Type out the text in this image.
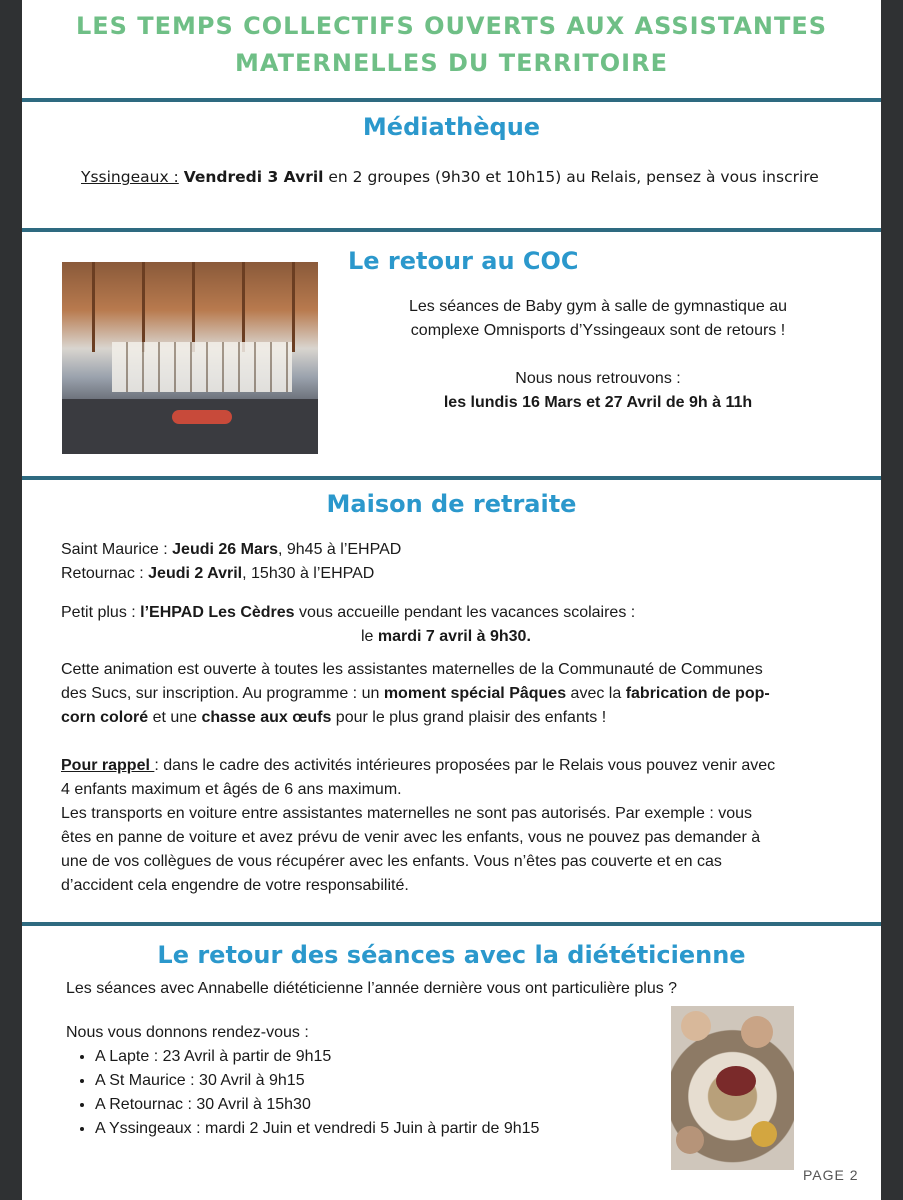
LES TEMPS COLLECTIFS OUVERTS AUX ASSISTANTES
MATERNELLES DU TERRITOIRE
Médiathèque
Yssingeaux : Vendredi 3 Avril en 2 groupes (9h30 et 10h15) au Relais, pensez à vous inscrire
Le retour au COC
Les séances de Baby gym à salle de gymnastique au
complexe Omnisports d’Yssingeaux sont de retours !
Nous nous retrouvons :
les lundis 16 Mars et 27 Avril de 9h à 11h
Maison de retraite
Saint Maurice : Jeudi 26 Mars, 9h45 à l’EHPAD
Retournac : Jeudi 2 Avril, 15h30 à l’EHPAD
Petit plus : l’EHPAD Les Cèdres vous accueille pendant les vacances scolaires :
le mardi 7 avril à 9h30.
Cette animation est ouverte à toutes les assistantes maternelles de la Communauté de Communes
des Sucs, sur inscription. Au programme : un moment spécial Pâques avec la fabrication de pop-
corn coloré et une chasse aux œufs pour le plus grand plaisir des enfants !
Pour rappel : dans le cadre des activités intérieures proposées par le Relais vous pouvez venir avec
4 enfants maximum et âgés de 6 ans maximum.
Les transports en voiture entre assistantes maternelles ne sont pas autorisés. Par exemple : vous
êtes en panne de voiture et avez prévu de venir avec les enfants, vous ne pouvez pas demander à
une de vos collègues de vous récupérer avec les enfants. Vous n’êtes pas couverte et en cas
d’accident cela engendre de votre responsabilité.
Le retour des séances avec la diététicienne
Les séances avec Annabelle diététicienne l’année dernière vous ont particulière plus ?
Nous vous donnons rendez-vous :
• A Lapte : 23 Avril à partir de 9h15
• A St Maurice : 30 Avril à 9h15
• A Retournac : 30 Avril à 15h30
• A Yssingeaux : mardi 2 Juin et vendredi 5 Juin à partir de 9h15
PAGE 2
